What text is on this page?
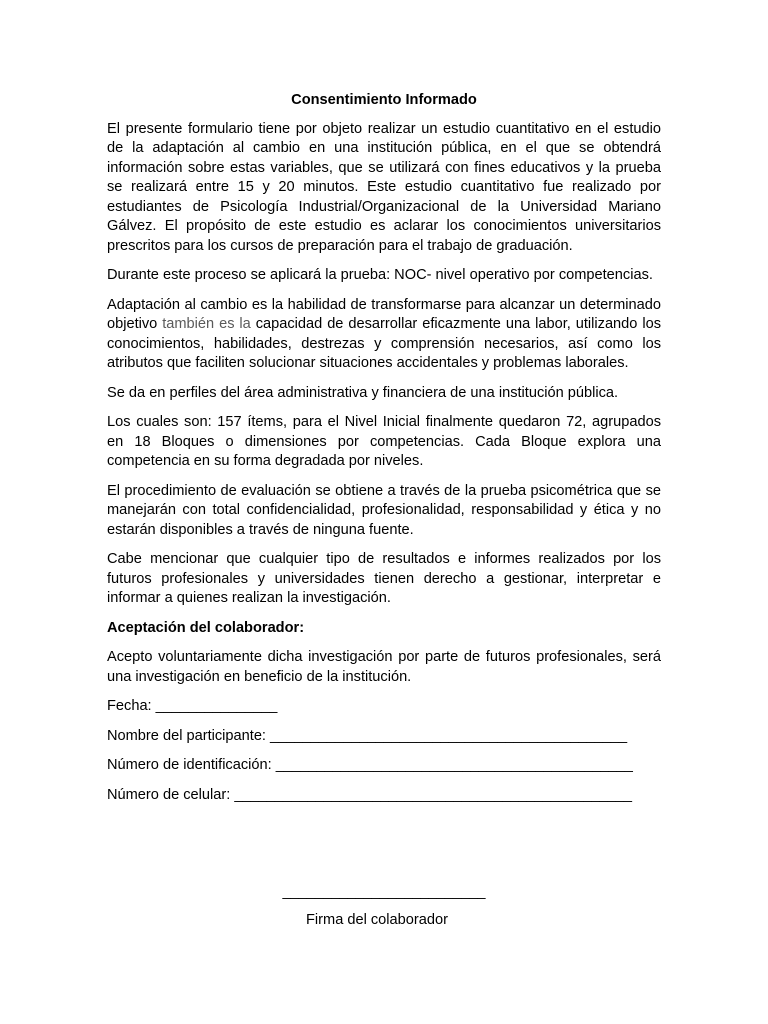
Consentimiento Informado

El presente formulario tiene por objeto realizar un estudio cuantitativo en el estudio de la adaptación al cambio en una institución pública, en el que se obtendrá información sobre estas variables, que se utilizará con fines educativos y la prueba se realizará entre 15 y 20 minutos. Este estudio cuantitativo fue realizado por estudiantes de Psicología Industrial/Organizacional de la Universidad Mariano Gálvez. El propósito de este estudio es aclarar los conocimientos universitarios prescritos para los cursos de preparación para el trabajo de graduación.

Durante este proceso se aplicará la prueba: NOC- nivel operativo por competencias.

Adaptación al cambio es la habilidad de transformarse para alcanzar un determinado objetivo también es la capacidad de desarrollar eficazmente una labor, utilizando los conocimientos, habilidades, destrezas y comprensión necesarios, así como los atributos que faciliten solucionar situaciones accidentales y problemas laborales.

Se da en perfiles del área administrativa y financiera de una institución pública.

Los cuales son: 157 ítems, para el Nivel Inicial finalmente quedaron 72, agrupados en 18 Bloques o dimensiones por competencias. Cada Bloque explora una competencia en su forma degradada por niveles.

El procedimiento de evaluación se obtiene a través de la prueba psicométrica que se manejarán con total confidencialidad, profesionalidad, responsabilidad y ética y no estarán disponibles a través de ninguna fuente.

Cabe mencionar que cualquier tipo de resultados e informes realizados por los futuros profesionales y universidades tienen derecho a gestionar, interpretar e informar a quienes realizan la investigación.

Aceptación del colaborador:

Acepto voluntariamente dicha investigación por parte de futuros profesionales, será una investigación en beneficio de la institución.

Fecha: _______________
Nombre del participante: ____________________________________________
Número de identificación: ____________________________________________
Número de celular: _________________________________________________
_________________________
Firma del colaborador
